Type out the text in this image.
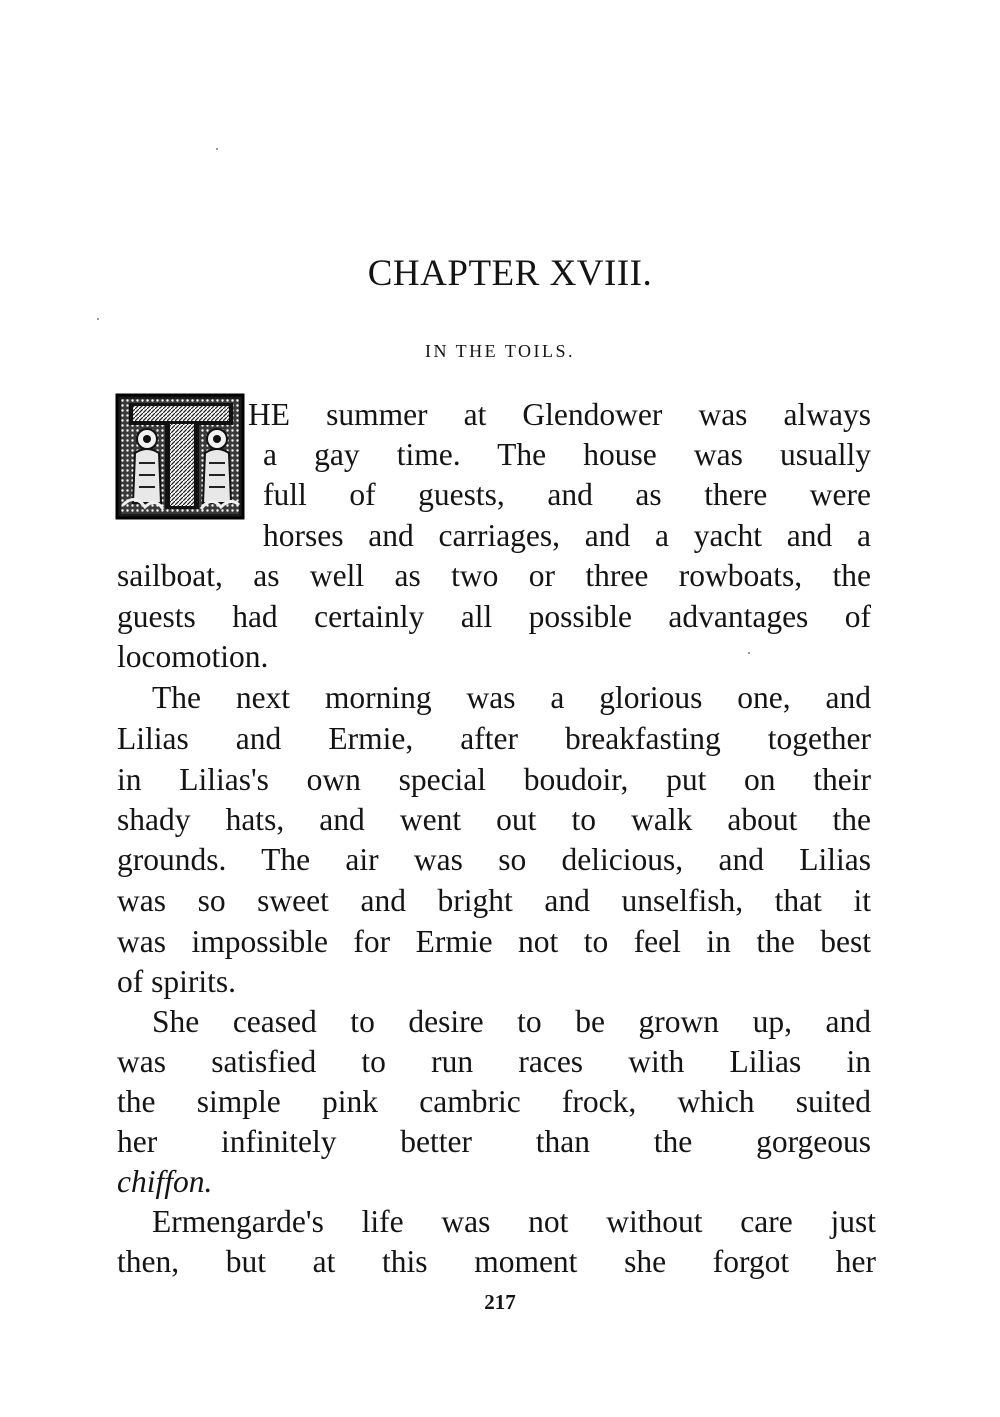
CHAPTER XVIII.
IN THE TOILS.
HE summer at Glendower was always
a gay time. The house was usually
full of guests, and as there were
horses and carriages, and a yacht and a
sailboat, as well as two or three rowboats, the
guests had certainly all possible advantages of
locomotion.
The next morning was a glorious one, and
Lilias and Ermie, after breakfasting together
in Lilias's own special boudoir, put on their
shady hats, and went out to walk about the
grounds. The air was so delicious, and Lilias
was so sweet and bright and unselfish, that it
was impossible for Ermie not to feel in the best
of spirits.
She ceased to desire to be grown up, and
was satisfied to run races with Lilias in
the simple pink cambric frock, which suited
her infinitely better than the gorgeous
chiffon.
Ermengarde's life was not without care just
then, but at this moment she forgot her
217
